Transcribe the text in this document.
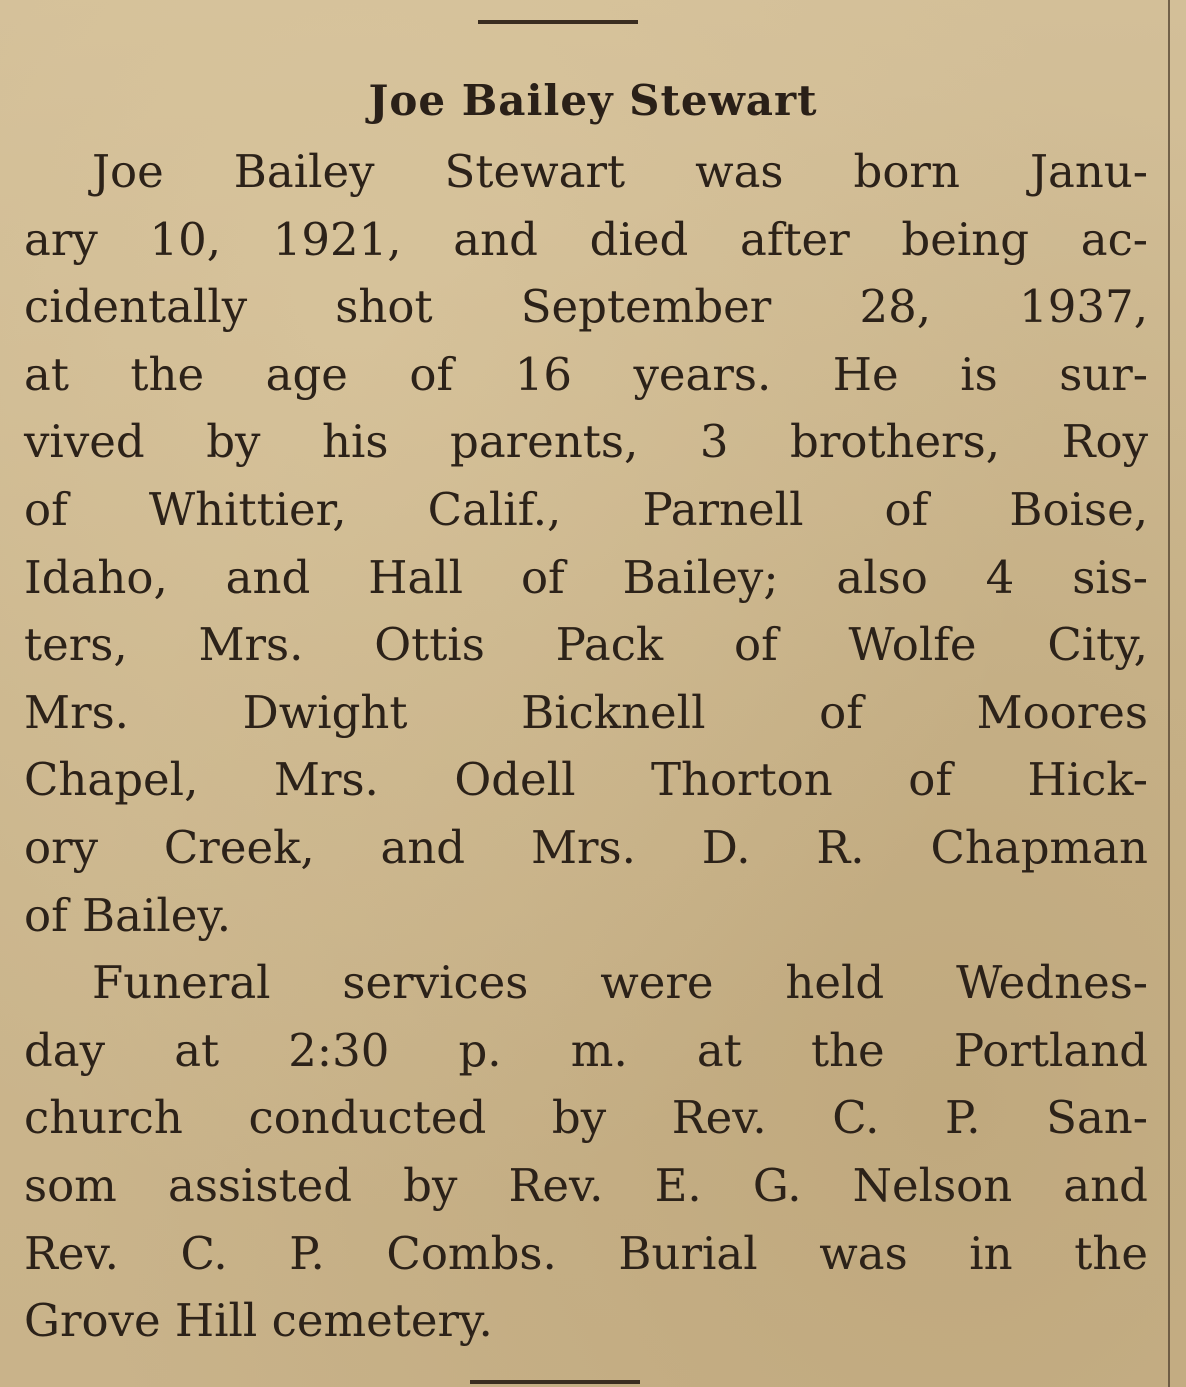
Joe Bailey Stewart
Joe Bailey Stewart was born Janu-
ary 10, 1921, and died after being ac-
cidentally shot September 28, 1937,
at the age of 16 years. He is sur-
vived by his parents, 3 brothers, Roy
of Whittier, Calif., Parnell of Boise,
Idaho, and Hall of Bailey; also 4 sis-
ters, Mrs. Ottis Pack of Wolfe City,
Mrs. Dwight Bicknell of Moores
Chapel, Mrs. Odell Thorton of Hick-
ory Creek, and Mrs. D. R. Chapman
of Bailey.
Funeral services were held Wednes-
day at 2:30 p. m. at the Portland
church conducted by Rev. C. P. San-
som assisted by Rev. E. G. Nelson and
Rev. C. P. Combs. Burial was in the
Grove Hill cemetery.
